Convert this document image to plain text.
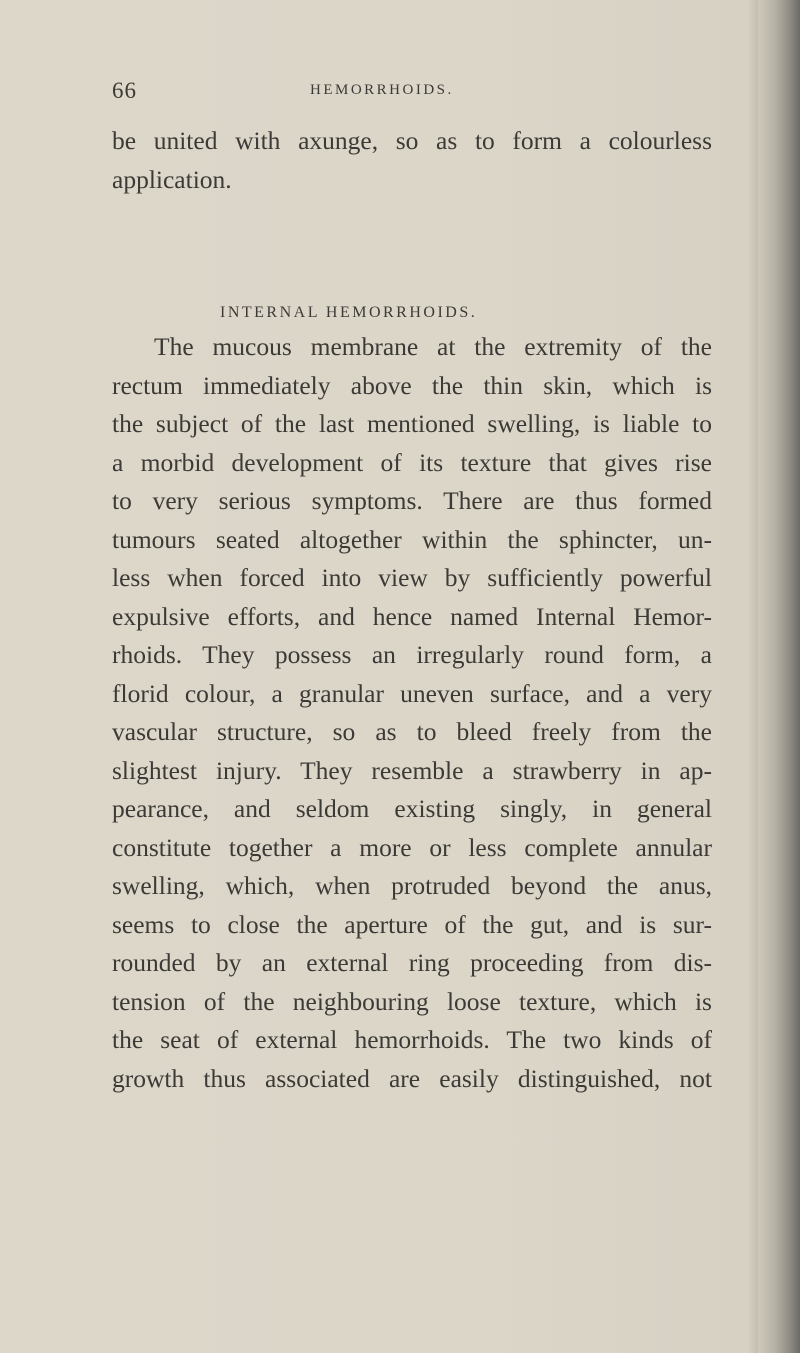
66	HEMORRHOIDS.

be united with axunge, so as to form a colourless
application.

INTERNAL HEMORRHOIDS.

The mucous membrane at the extremity of the
rectum immediately above the thin skin, which is
the subject of the last mentioned swelling, is liable to
a morbid development of its texture that gives rise
to very serious symptoms. There are thus formed
tumours seated altogether within the sphincter, un-
less when forced into view by sufficiently powerful
expulsive efforts, and hence named Internal Hemor-
rhoids. They possess an irregularly round form, a
florid colour, a granular uneven surface, and a very
vascular structure, so as to bleed freely from the
slightest injury. They resemble a strawberry in ap-
pearance, and seldom existing singly, in general
constitute together a more or less complete annular
swelling, which, when protruded beyond the anus,
seems to close the aperture of the gut, and is sur-
rounded by an external ring proceeding from dis-
tension of the neighbouring loose texture, which is
the seat of external hemorrhoids. The two kinds of
growth thus associated are easily distinguished, not
